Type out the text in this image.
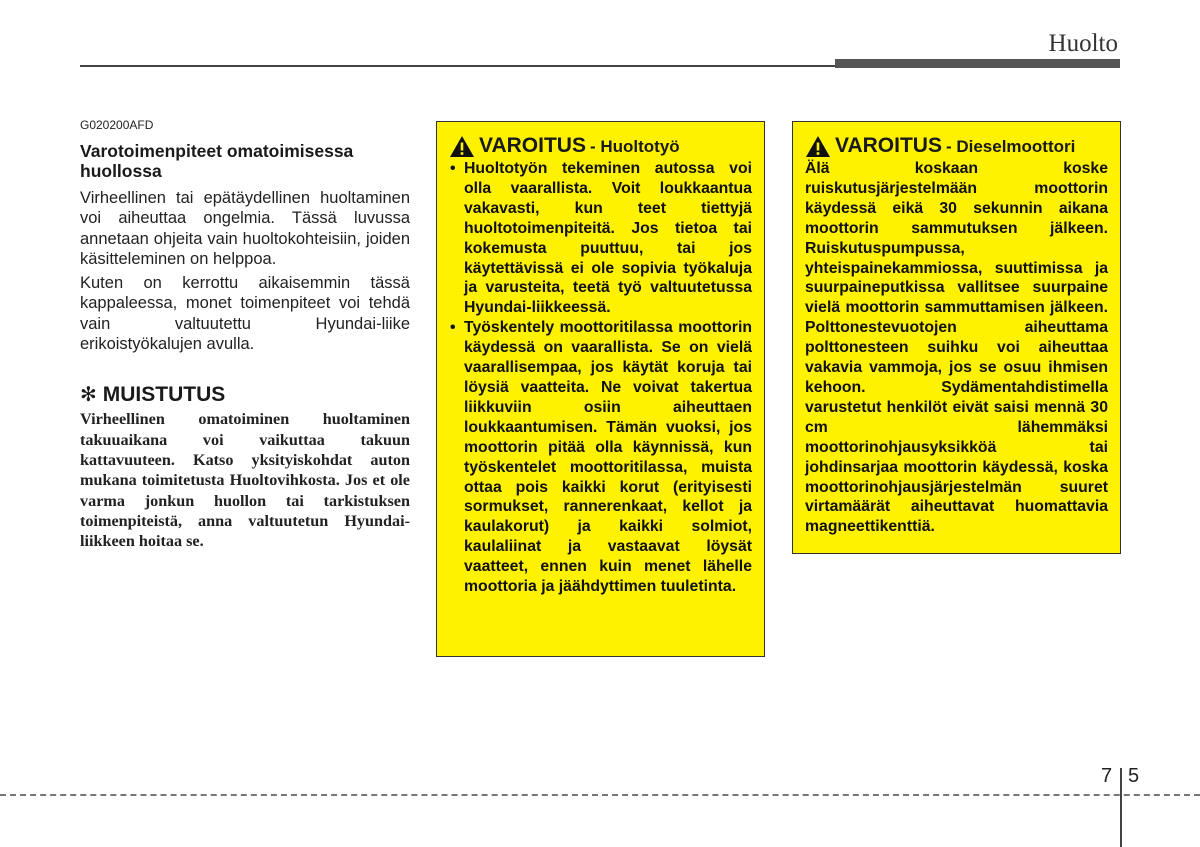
Huolto
G020200AFD
Varotoimenpiteet omatoimisessa huollossa

Virheellinen tai epätäydellinen huoltaminen voi aiheuttaa ongelmia. Tässä luvussa annetaan ohjeita vain huoltokohteisiin, joiden käsitteleminen on helppoa.

Kuten on kerrottu aikaisemmin tässä kappaleessa, monet toimenpiteet voi tehdä vain valtuutettu Hyundai-liike erikoistyökalujen avulla.

✻ MUISTUTUS

Virheellinen omatoiminen huoltaminen takuuaikana voi vaikuttaa takuun kattavuuteen. Katso yksityiskohdat auton mukana toimitetusta Huoltovihkosta. Jos et ole varma jonkun huollon tai tarkistuksen toimenpiteistä, anna valtuutetun Hyundai-liikkeen hoitaa se.

VAROITUS - Huoltotyö
• Huoltotyön tekeminen autossa voi olla vaarallista. Voit loukkaantua vakavasti, kun teet tiettyjä huoltotoimenpiteitä. Jos tietoa tai kokemusta puuttuu, tai jos käytettävissä ei ole sopivia työkaluja ja varusteita, teetä työ valtuutetussa Hyundai-liikkeessä.
• Työskentely moottoritilassa moottorin käydessä on vaarallista. Se on vielä vaarallisempaa, jos käytät koruja tai löysiä vaatteita. Ne voivat takertua liikkuviin osiin aiheuttaen loukkaantumisen. Tämän vuoksi, jos moottorin pitää olla käynnissä, kun työskentelet moottoritilassa, muista ottaa pois kaikki korut (erityisesti sormukset, rannerenkaat, kellot ja kaulakorut) ja kaikki solmiot, kaulaliinat ja vastaavat löysät vaatteet, ennen kuin menet lähelle moottoria ja jäähdyttimen tuuletinta.
VAROITUS - Dieselmoottori

Älä koskaan koske ruiskutusjärjestelmään moottorin käydessä eikä 30 sekunnin aikana moottorin sammutuksen jälkeen. Ruiskutuspumpussa, yhteispainekammiossa, suuttimissa ja suurpaineputkissa vallitsee suurpaine vielä moottorin sammuttamisen jälkeen. Polttonestevuotojen aiheuttama polttonesteen suihku voi aiheuttaa vakavia vammoja, jos se osuu ihmisen kehoon. Sydämentahdistimella varustetut henkilöt eivät saisi mennä 30 cm lähemmäksi moottorinohjausyksikköä tai johdinsarjaa moottorin käydessä, koska moottorinohjausjärjestelmän suuret virtamäärät aiheuttavat huomattavia magneettikenttiä.

7 5
